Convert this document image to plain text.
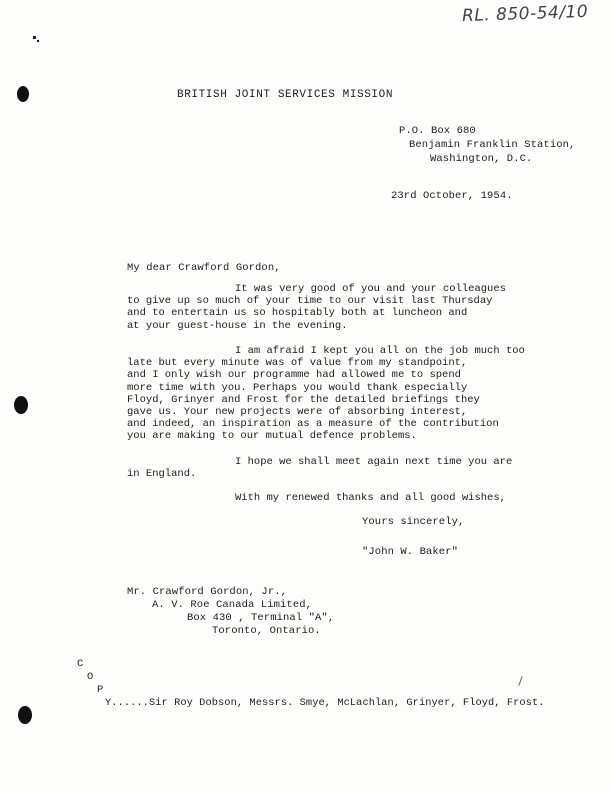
RL. 850-54/10
BRITISH JOINT SERVICES MISSION
P.O. Box 680
Benjamin Franklin Station,
Washington, D.C.
23rd October, 1954.
My dear Crawford Gordon,
It was very good of you and your colleagues
to give up so much of your time to our visit last Thursday
and to entertain us so hospitably both at luncheon and
at your guest-house in the evening.
I am afraid I kept you all on the job much too
late but every minute was of value from my standpoint,
and I only wish our programme had allowed me to spend
more time with you. Perhaps you would thank especially
Floyd, Grinyer and Frost for the detailed briefings they
gave us. Your new projects were of absorbing interest,
and indeed, an inspiration as a measure of the contribution
you are making to our mutual defence problems.
I hope we shall meet again next time you are
in England.
With my renewed thanks and all good wishes,
Yours sincerely,
"John W. Baker"
Mr. Crawford Gordon, Jr.,
A. V. Roe Canada Limited,
Box 430 , Terminal "A",
Toronto, Ontario.
C
O
P
Y......Sir Roy Dobson, Messrs. Smye, McLachlan, Grinyer, Floyd, Frost.
